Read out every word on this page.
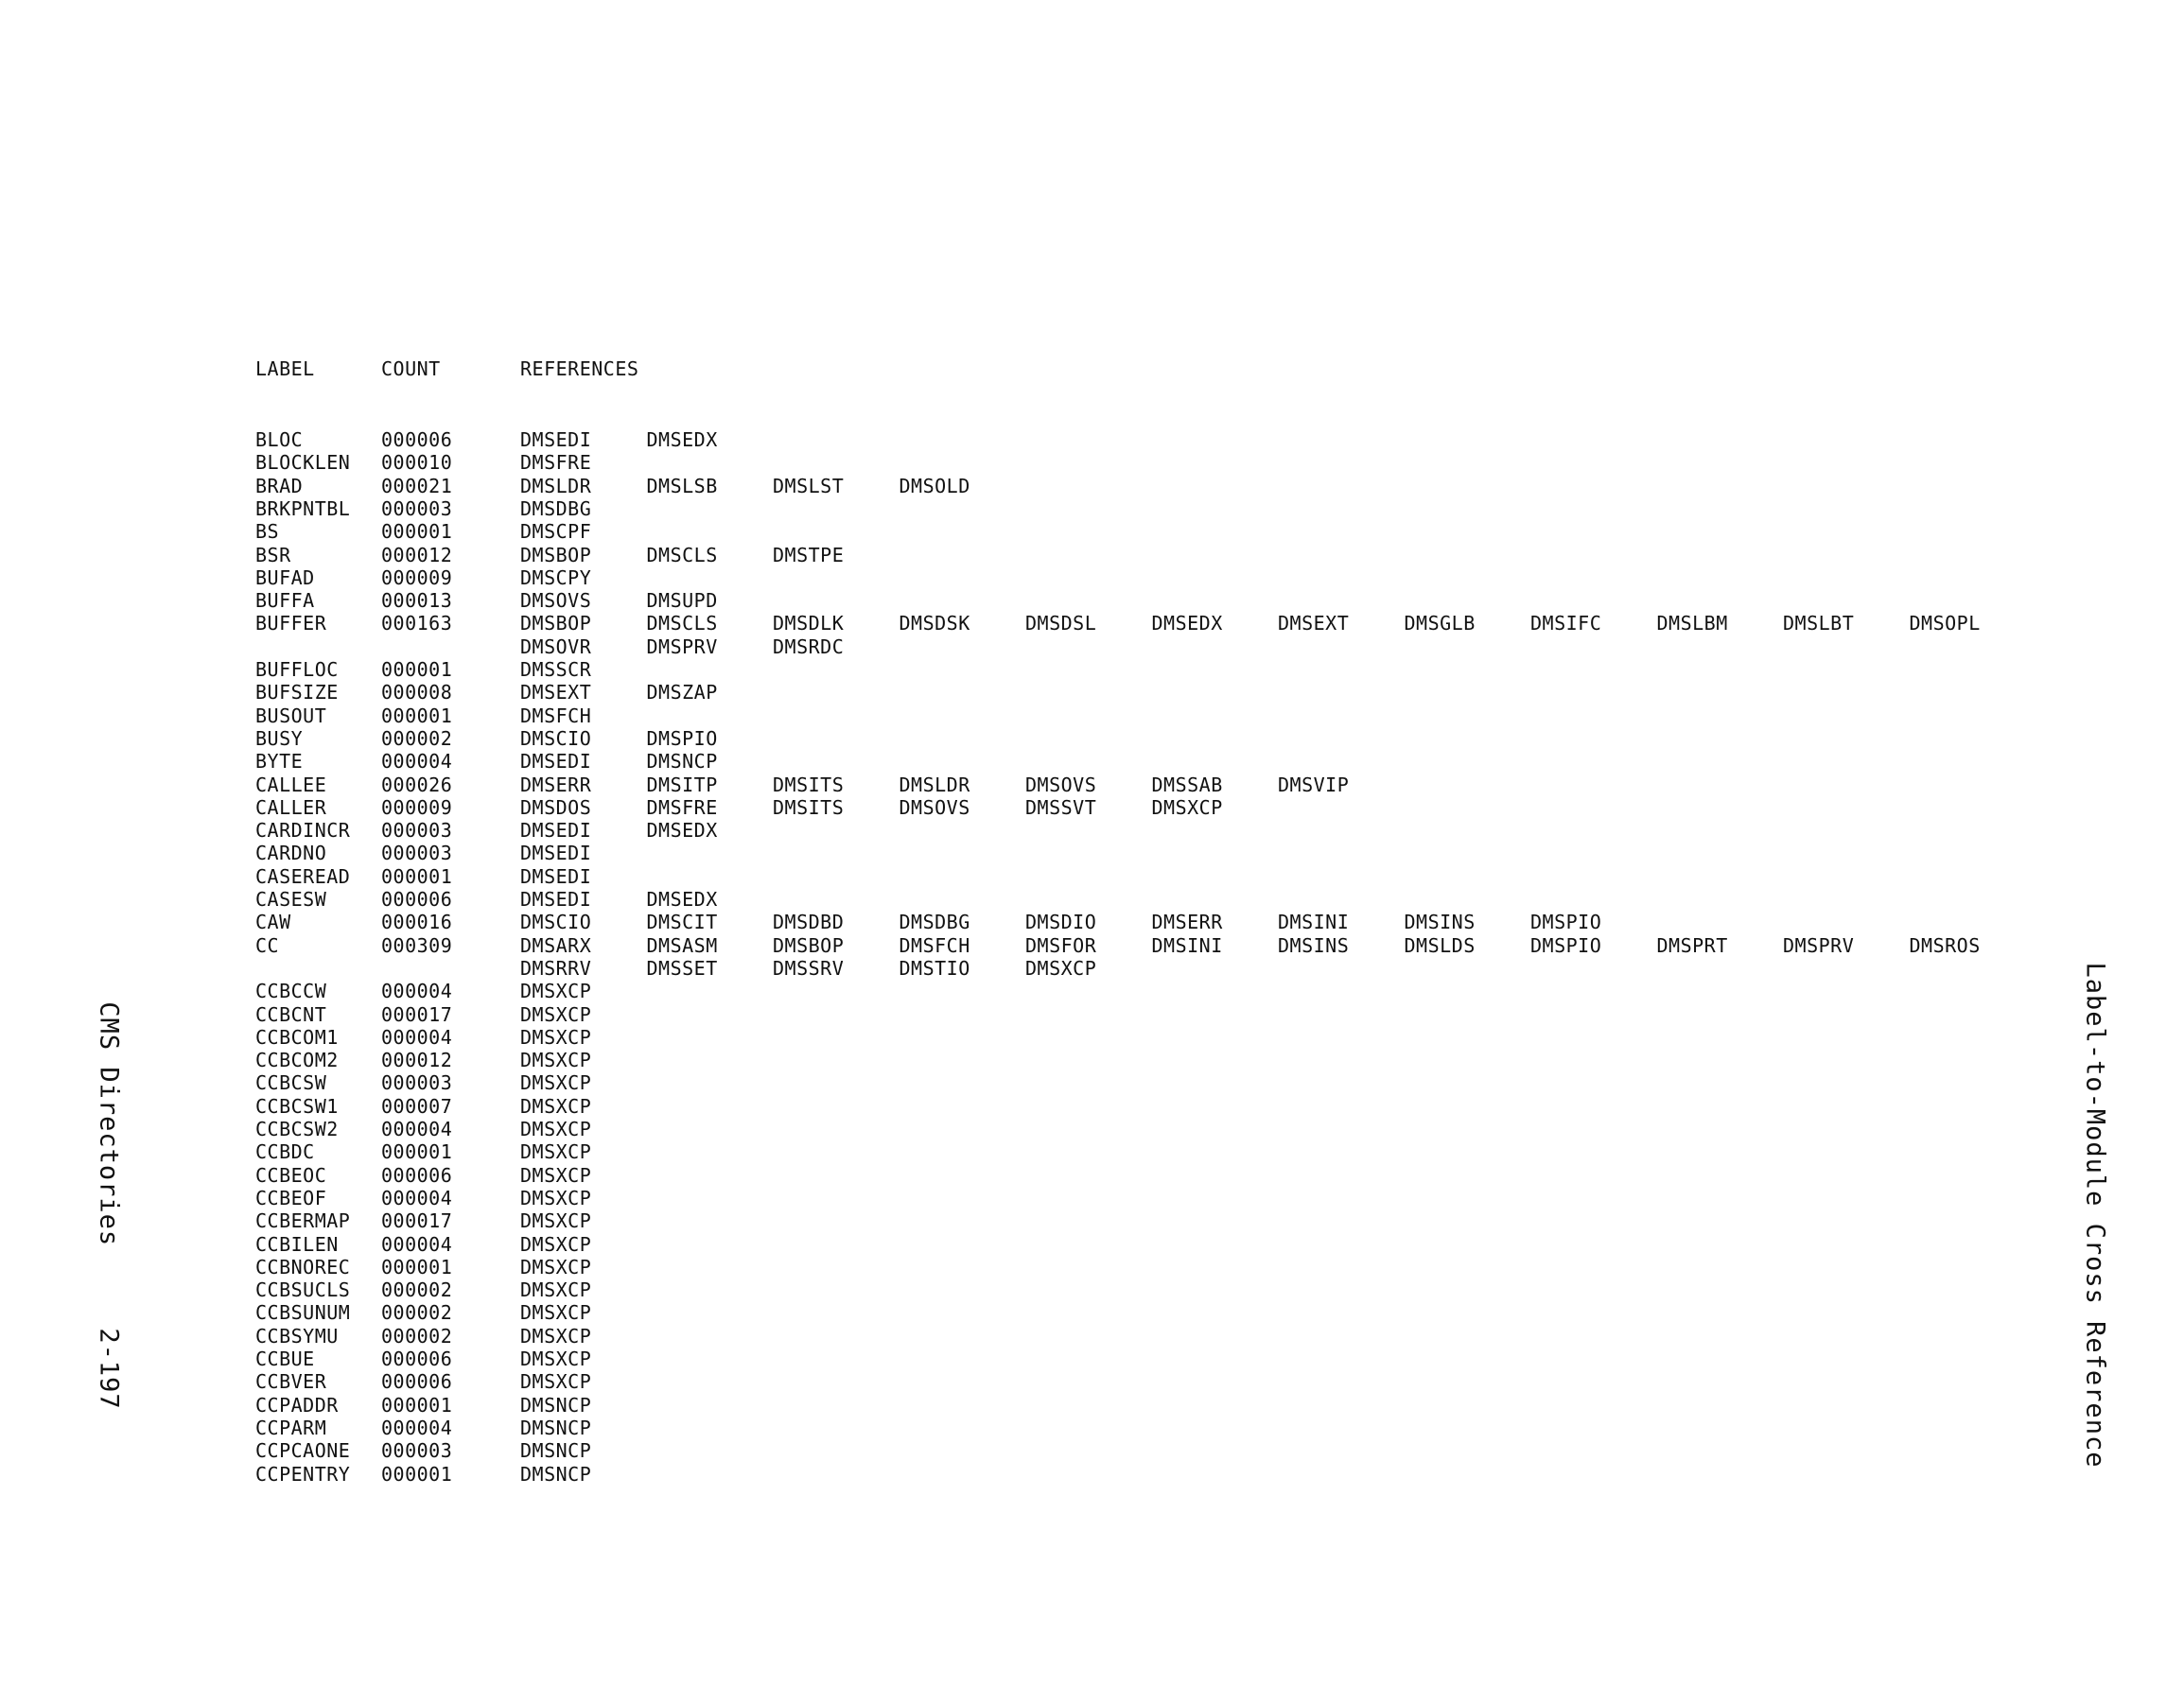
LABEL	COUNT	REFERENCES
BLOC	000006	DMSEDI	DMSEDX
BLOCKLEN 000010	DMSFRE
BRAD	000021	DMSLDR	DMSLSB	DMSLST	DMSOLD
BRKPNTBL 000003	DMSDBG
BS	000001	DMSCPF
BSR	000012	DMSBOP	DMSCLS	DMSTPE
BUFAD	000009	DMSCPY
BUFFA	000013	DMSOVS	DMSUPD
BUFFER	000163	DMSBOP	DMSCLS	DMSDLK	DMSDSK	DMSDSL	DMSEDX	DMSEXT	DMSGLB	DMSIFC	DMSLBM	DMSLBT	DMSOPL
DMSOVR	DMSPRV	DMSRDC
BUFFLOC 000001	DMSSCR
BUFSIZE 000008	DMSEXT	DMSZAP
BUSOUT	000001	DMSFCH
BUSY	000002	DMSCIO	DMSPIO
BYTE	000004	DMSEDI	DMSNCP
CALLEE	000026	DMSERR	DMSITP	DMSITS	DMSLDR	DMSOVS	DMSSAB	DMSVIP
CALLER	000009	DMSDOS	DMSFRE	DMSITS	DMSOVS	DMSSVT	DMSXCP
CARDINCR 000003	DMSEDI	DMSEDX
CARDNO	000003	DMSEDI
CASEREAD 000001	DMSEDI
CASESW	000006	DMSEDI	DMSEDX
CAW	000016	DMSCIO	DMSCIT	DMSDBD	DMSDBG	DMSDIO	DMSERR	DMSINI	DMSINS	DMSPIO
CC	000309	DMSARX	DMSASM	DMSBOP	DMSFCH	DMSFOR	DMSINI	DMSINS	DMSLDS	DMSPIO	DMSPRT	DMSPRV	DMSROS
DMSRRV	DMSSET	DMSSRV	DMSTIO	DMSXCP
CCBCCW	000004	DMSXCP
CCBCNT	000017	DMSXCP
CCBCOM1 000004	DMSXCP
CCBCOM2 000012	DMSXCP
CCBCSW	000003	DMSXCP
CCBCSW1 000007	DMSXCP
CCBCSW2 000004	DMSXCP
CCBDC	000001	DMSXCP
CCBEOC	000006	DMSXCP
CCBEOF	000004	DMSXCP
CCBERMAP 000017	DMSXCP
CCBILEN 000004	DMSXCP
CCBNOREC 000001	DMSXCP
CCBSUCLS 000002	DMSXCP
CCBSUNUM 000002	DMSXCP
CCBSYMU 000002	DMSXCP
CCBUE	000006	DMSXCP
CCBVER	000006	DMSXCP
CCPADDR 000001	DMSNCP
CCPARM	000004	DMSNCP
CCPCAONE 000003	DMSNCP
CCPENTRY 000001	DMSNCP
CMS Directories     2-197	Label-to-Module Cross Reference
